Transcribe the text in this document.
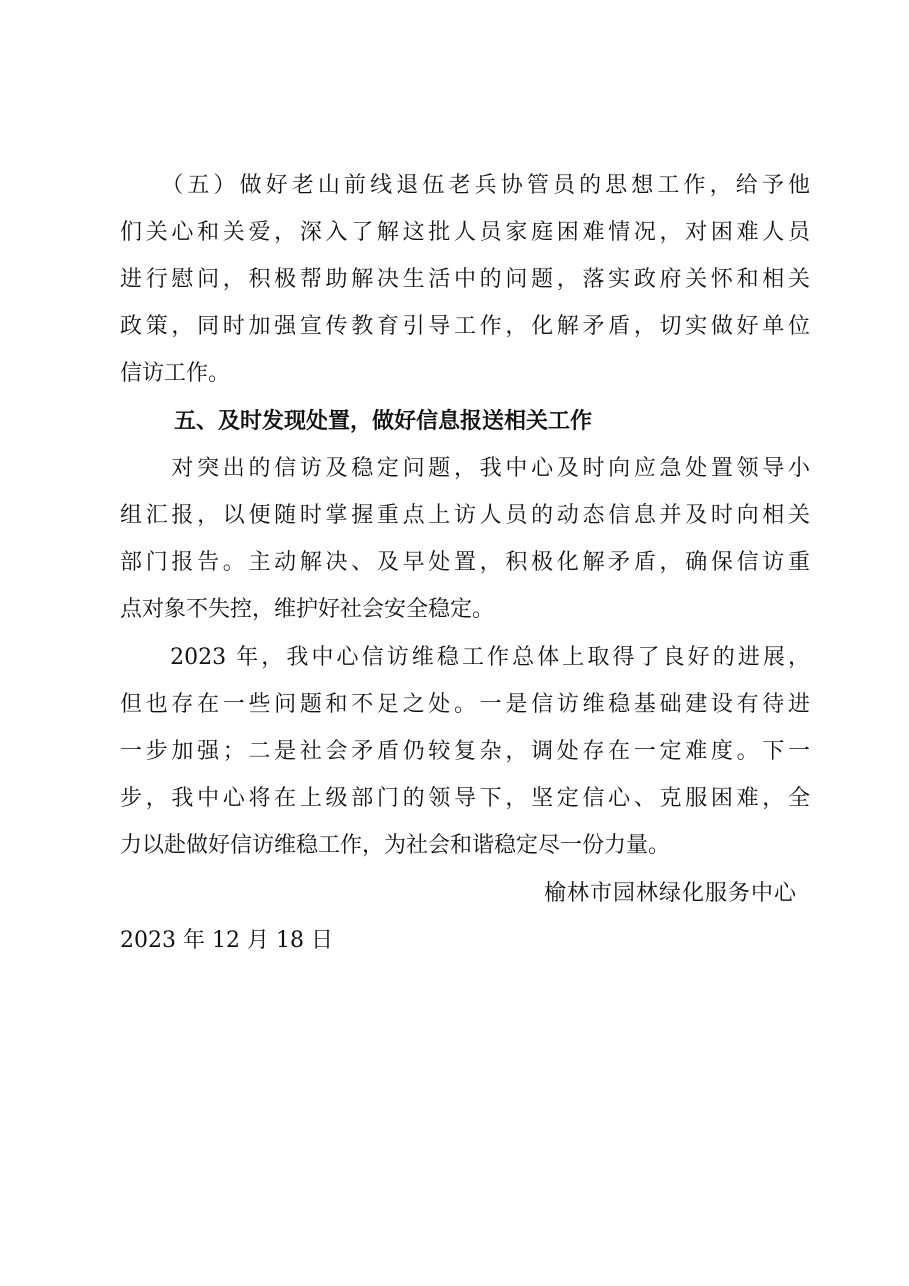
　　（五）做好老山前线退伍老兵协管员的思想工作，给予他
们关心和关爱，深入了解这批人员家庭困难情况，对困难人员
进行慰问，积极帮助解决生活中的问题，落实政府关怀和相关
政策，同时加强宣传教育引导工作，化解矛盾，切实做好单位
信访工作。
五、及时发现处置，做好信息报送相关工作
　　对突出的信访及稳定问题，我中心及时向应急处置领导小
组汇报，以便随时掌握重点上访人员的动态信息并及时向相关
部门报告。主动解决、及早处置，积极化解矛盾，确保信访重
点对象不失控，维护好社会安全稳定。
　　2023 年，我中心信访维稳工作总体上取得了良好的进展，
但也存在一些问题和不足之处。一是信访维稳基础建设有待进
一步加强；二是社会矛盾仍较复杂，调处存在一定难度。下一
步，我中心将在上级部门的领导下，坚定信心、克服困难，全
力以赴做好信访维稳工作，为社会和谐稳定尽一份力量。
榆林市园林绿化服务中心
2023 年 12 月 18 日
